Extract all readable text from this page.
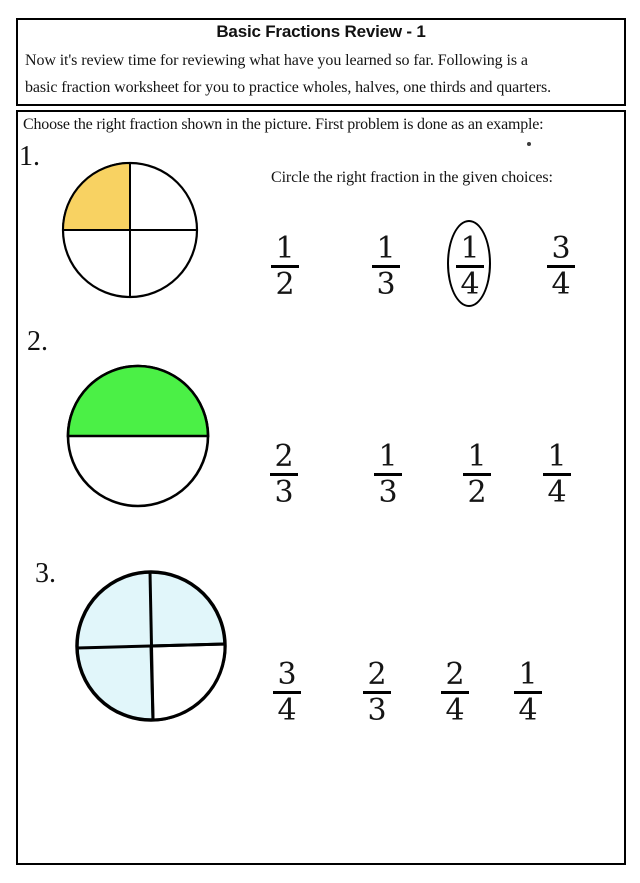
Basic Fractions Review - 1
Now it's review time for reviewing what have you learned so far. Following is a
basic fraction worksheet for you to practice wholes, halves, one thirds and quarters.
Choose the right fraction shown in the picture. First problem is done as an example:
1.
Circle the right fraction in the given choices:
1
2
1
3
1
4
3
4
2.
2
3
1
3
1
2
1
4
3.
3
4
2
3
2
4
1
4
